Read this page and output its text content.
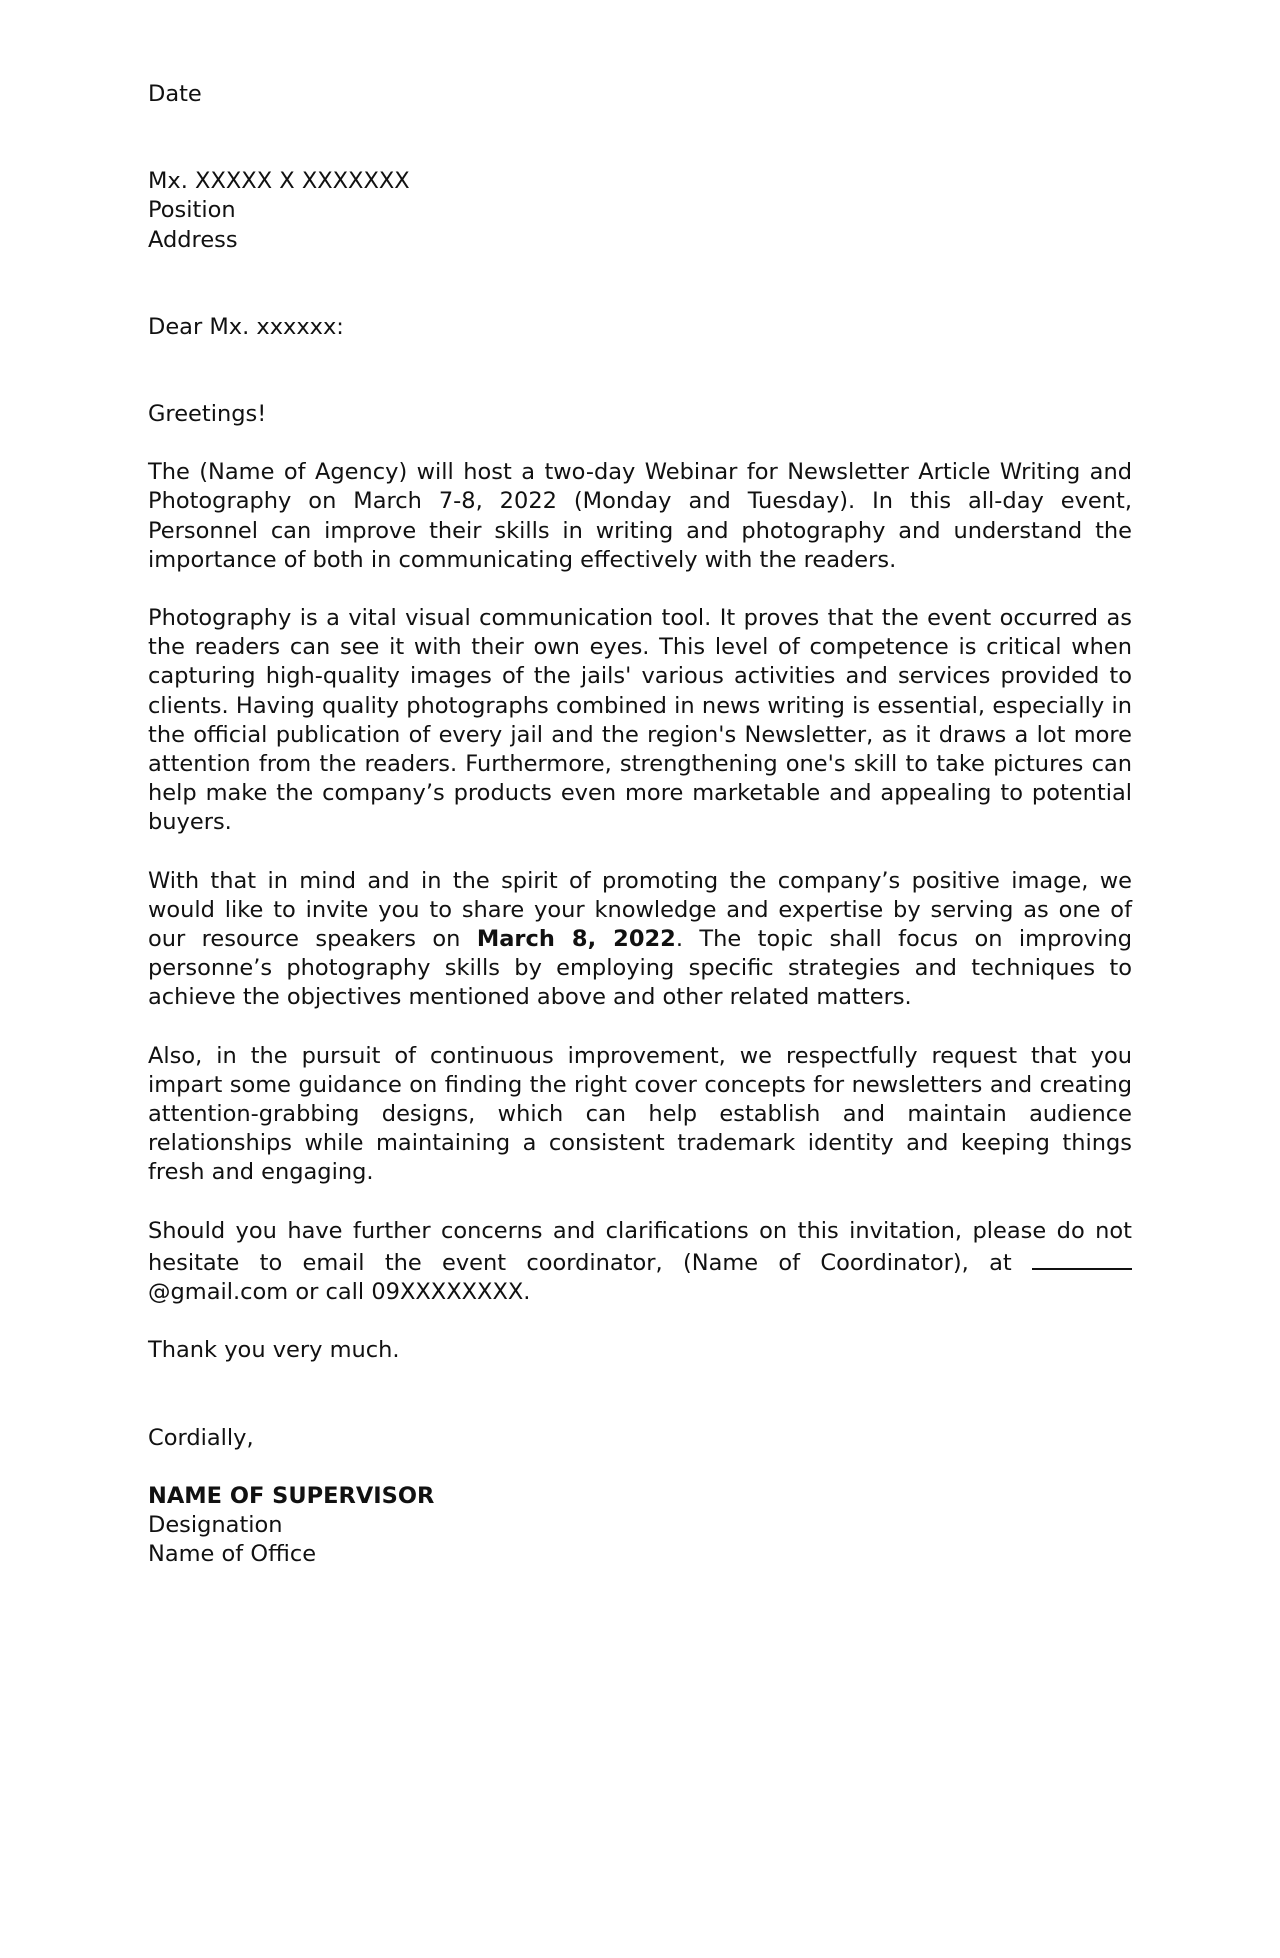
Date
Mx. XXXXX X XXXXXXX
Position
Address
Dear Mx. xxxxxx:
Greetings!

The (Name of Agency) will host a two-day Webinar for Newsletter Article Writing and Photography on March 7-8, 2022 (Monday and Tuesday). In this all-day event, Personnel can improve their skills in writing and photography and understand the importance of both in communicating effectively with the readers.

Photography is a vital visual communication tool. It proves that the event occurred as the readers can see it with their own eyes. This level of competence is critical when capturing high-quality images of the jails' various activities and services provided to clients. Having quality photographs combined in news writing is essential, especially in the official publication of every jail and the region's Newsletter, as it draws a lot more attention from the readers. Furthermore, strengthening one's skill to take pictures can help make the company’s products even more marketable and appealing to potential buyers.

With that in mind and in the spirit of promoting the company’s positive image, we would like to invite you to share your knowledge and expertise by serving as one of our resource speakers on March 8, 2022. The topic shall focus on improving personne’s photography skills by employing specific strategies and techniques to achieve the objectives mentioned above and other related matters.

Also, in the pursuit of continuous improvement, we respectfully request that you impart some guidance on finding the right cover concepts for newsletters and creating attention-grabbing designs, which can help establish and maintain audience relationships while maintaining a consistent trademark identity and keeping things fresh and engaging.

Should you have further concerns and clarifications on this invitation, please do not hesitate to email the event coordinator, (Name of Coordinator), at @gmail.com or call 09XXXXXXXX.

Thank you very much.
Cordially,
NAME OF SUPERVISOR
Designation
Name of Office
